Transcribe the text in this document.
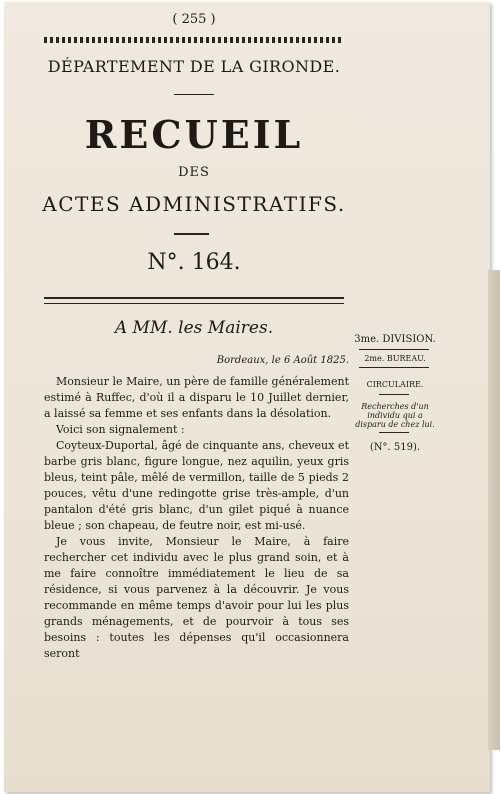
( 255 )
DÉPARTEMENT DE LA GIRONDE.
RECUEIL
DES
ACTES ADMINISTRATIFS.
N°. 164.
A MM. les Maires.
Bordeaux, le 6 Août 1825.

Monsieur le Maire, un père de famille généralement estimé à Ruffec, d'où il a disparu le 10 Juillet dernier, a laissé sa femme et ses enfants dans la désolation.

Voici son signalement :

Coyteux-Duportal, âgé de cinquante ans, cheveux et barbe gris blanc, figure longue, nez aquilin, yeux gris bleus, teint pâle, mêlé de vermillon, taille de 5 pieds 2 pouces, vêtu d'une redingotte grise très-ample, d'un pantalon d'été gris blanc, d'un gilet piqué à nuance bleue ; son chapeau, de feutre noir, est mi-usé.

Je vous invite, Monsieur le Maire, à faire rechercher cet individu avec le plus grand soin, et à me faire connoître immédiatement le lieu de sa résidence, si vous parvenez à la découvrir. Je vous recommande en même temps d'avoir pour lui les plus grands ménagements, et de pourvoir à tous ses besoins : toutes les dépenses qu'il occasionnera seront

3me. DIVISION.
2me. BUREAU.
CIRCULAIRE.
Recherches d'un individu qui a disparu de chez lui.
(N°. 519).
